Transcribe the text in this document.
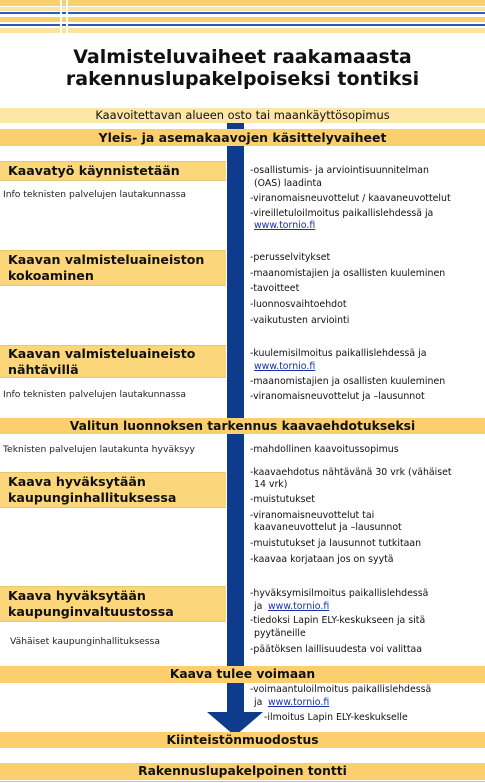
Valmisteluvaiheet raakamaasta
rakennuslupakelpoiseksi tontiksi
Kaavoitettavan alueen osto tai maankäyttösopimus
Yleis- ja asemakaavojen käsittelyvaiheet
Valitun luonnoksen tarkennus kaavaehdotukseksi
Kaava tulee voimaan
Kiinteistönmuodostus
Rakennuslupakelpoinen tontti
Kaavatyö käynnistetään
Info teknisten palvelujen lautakunnassa
Kaavan valmisteluaineiston
kokoaminen
Kaavan valmisteluaineisto
nähtävillä
Info teknisten palvelujen lautakunnassa
Teknisten palvelujen lautakunta hyväksyy
Kaava hyväksytään
kaupunginhallituksessa
Kaava hyväksytään
kaupunginvaltuustossa
Vähäiset kaupunginhallituksessa
-osallistumis- ja arviointisuunnitelman
(OAS) laadinta
-viranomaisneuvottelut / kaavaneuvottelut
-vireilletuloilmoitus paikallislehdessä ja
www.tornio.fi
-perusselvitykset
-maanomistajien ja osallisten kuuleminen
-tavoitteet
-luonnosvaihtoehdot
-vaikutusten arviointi
-kuulemisilmoitus paikallislehdessä ja
www.tornio.fi
-maanomistajien ja osallisten kuuleminen
-viranomaisneuvottelut ja –lausunnot
-mahdollinen kaavoitussopimus
-kaavaehdotus nähtävänä 30 vrk (vähäiset
14 vrk)
-muistutukset
-viranomaisneuvottelut tai
kaavaneuvottelut ja –lausunnot
-muistutukset ja lausunnot tutkitaan
-kaavaa korjataan jos on syytä
-hyväksymisilmoitus paikallislehdessä
ja www.tornio.fi
-tiedoksi Lapin ELY-keskukseen ja sitä
pyytäneille
-päätöksen laillisuudesta voi valittaa
-voimaantuloilmoitus paikallislehdessä
ja www.tornio.fi
-ilmoitus Lapin ELY-keskukselle
